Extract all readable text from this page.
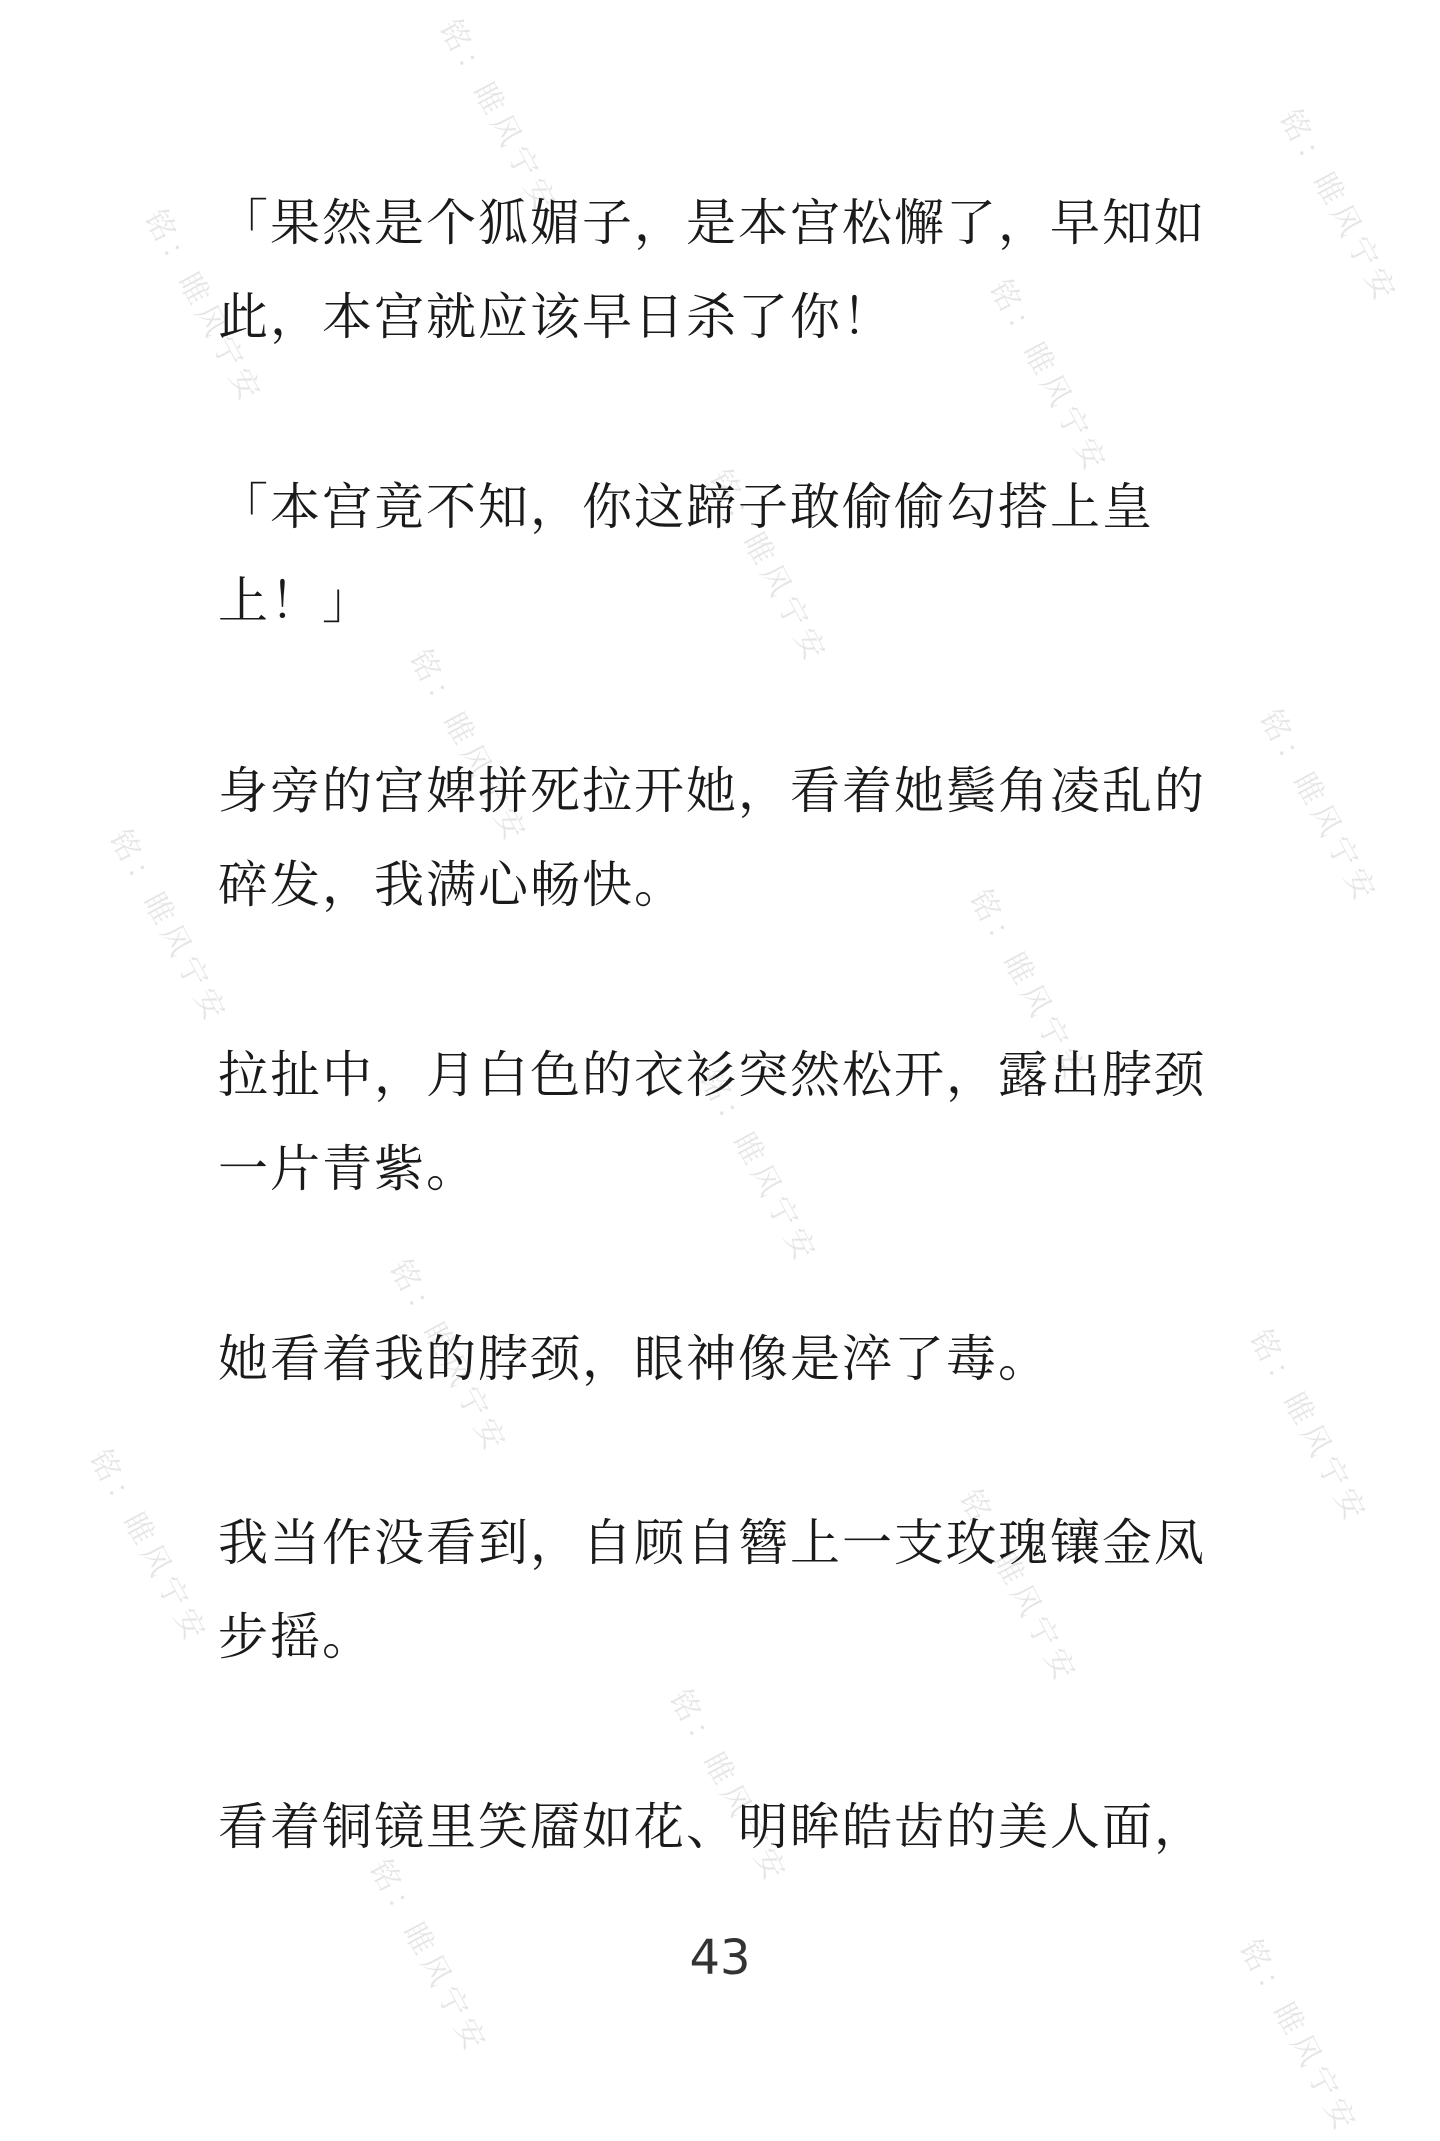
铭：睢风宁安	铭：睢风宁安
铭：睢风宁安	铭：睢风宁安
铭：睢风宁安
铭：睢风宁安	铭：睢风宁安
铭：睢风宁安	铭：睢风宁安
铭：睢风宁安
铭：睢风宁安	铭：睢风宁安
铭：睢风宁安	铭：睢风宁安
铭：睢风宁安
铭：睢风宁安	铭：睢风宁安

「果然是个狐媚子，是本宫松懈了，早知如
此，本宫就应该早日杀了你！

「本宫竟不知，你这蹄子敢偷偷勾搭上皇
上！」

身旁的宫婢拼死拉开她，看着她鬓角凌乱的
碎发，我满心畅快。

拉扯中，月白色的衣衫突然松开，露出脖颈
一片青紫。

她看着我的脖颈，眼神像是淬了毒。

我当作没看到，自顾自簪上一支玫瑰镶金凤
步摇。

看着铜镜里笑靥如花、明眸皓齿的美人面，

43
